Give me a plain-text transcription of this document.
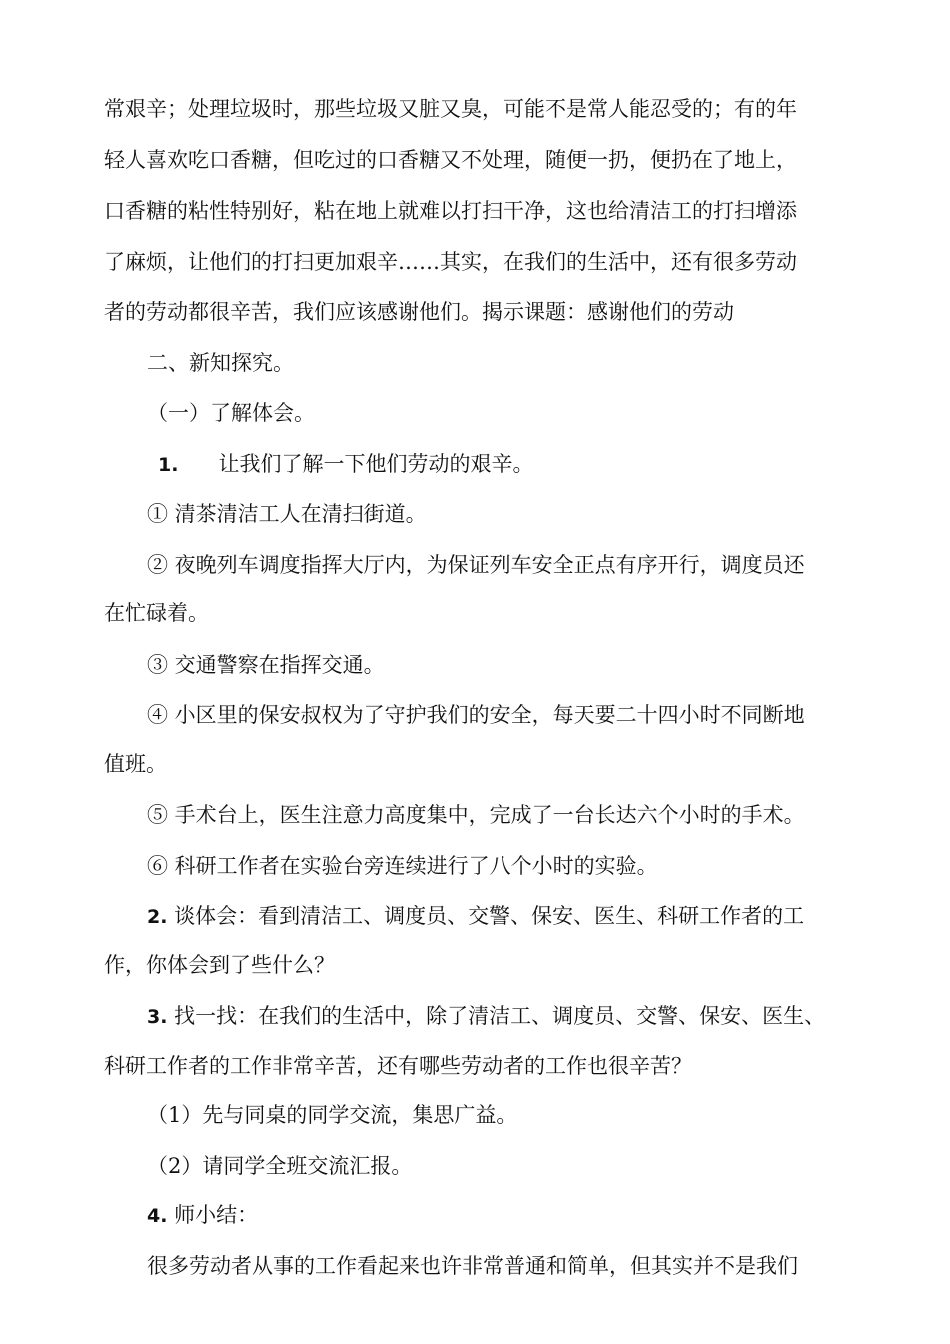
常艰辛；处理垃圾时，那些垃圾又脏又臭，可能不是常人能忍受的；有的年
轻人喜欢吃口香糖，但吃过的口香糖又不处理，随便一扔，便扔在了地上，
口香糖的粘性特别好，粘在地上就难以打扫干净，这也给清洁工的打扫增添
了麻烦，让他们的打扫更加艰辛……其实，在我们的生活中，还有很多劳动
者的劳动都很辛苦，我们应该感谢他们。揭示课题：感谢他们的劳动
二、新知探究。
（一）了解体会。
1. 让我们了解一下他们劳动的艰辛。
① 清茶清洁工人在清扫街道。
② 夜晚列车调度指挥大厅内，为保证列车安全正点有序开行，调度员还
在忙碌着。
③ 交通警察在指挥交通。
④ 小区里的保安叔权为了守护我们的安全，每天要二十四小时不同断地
值班。
⑤ 手术台上，医生注意力高度集中，完成了一台长达六个小时的手术。
⑥ 科研工作者在实验台旁连续进行了八个小时的实验。
2. 谈体会：看到清洁工、调度员、交警、保安、医生、科研工作者的工
作，你体会到了些什么？
3. 找一找：在我们的生活中，除了清洁工、调度员、交警、保安、医生、
科研工作者的工作非常辛苦，还有哪些劳动者的工作也很辛苦？
（1）先与同桌的同学交流，集思广益。
（2）请同学全班交流汇报。
4. 师小结：
很多劳动者从事的工作看起来也许非常普通和简单，但其实并不是我们
